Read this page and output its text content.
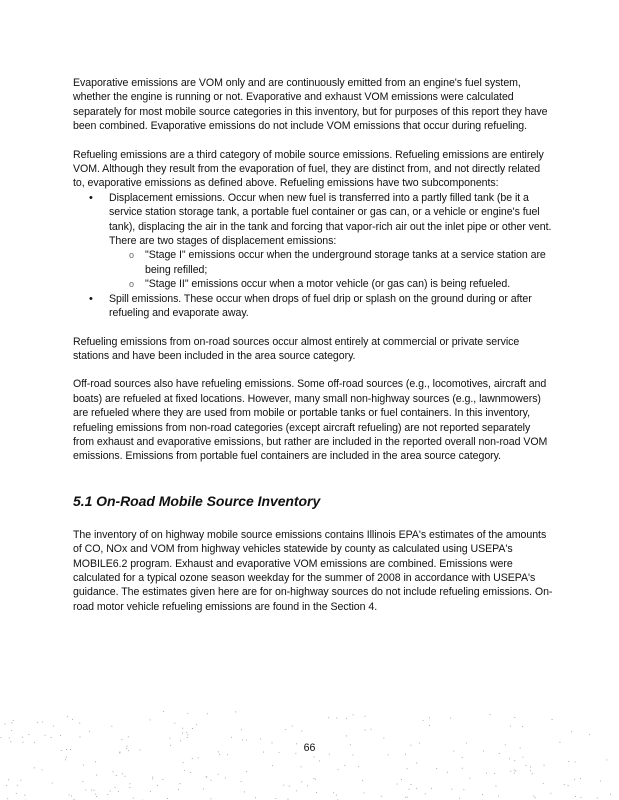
Evaporative emissions are VOM only and are continuously emitted from an engine's fuel system, whether the engine is running or not. Evaporative and exhaust VOM emissions were calculated separately for most mobile source categories in this inventory, but for purposes of this report they have been combined. Evaporative emissions do not include VOM emissions that occur during refueling.

Refueling emissions are a third category of mobile source emissions. Refueling emissions are entirely VOM. Although they result from the evaporation of fuel, they are distinct from, and not directly related to, evaporative emissions as defined above. Refueling emissions have two subcomponents:

• Displacement emissions. Occur when new fuel is transferred into a partly filled tank (be it a service station storage tank, a portable fuel container or gas can, or a vehicle or engine's fuel tank), displacing the air in the tank and forcing that vapor-rich air out the inlet pipe or other vent. There are two stages of displacement emissions:
o "Stage I" emissions occur when the underground storage tanks at a service station are being refilled;
o "Stage II" emissions occur when a motor vehicle (or gas can) is being refueled.
• Spill emissions. These occur when drops of fuel drip or splash on the ground during or after refueling and evaporate away.

Refueling emissions from on-road sources occur almost entirely at commercial or private service stations and have been included in the area source category.

Off-road sources also have refueling emissions. Some off-road sources (e.g., locomotives, aircraft and boats) are refueled at fixed locations. However, many small non-highway sources (e.g., lawnmowers) are refueled where they are used from mobile or portable tanks or fuel containers. In this inventory, refueling emissions from non-road categories (except aircraft refueling) are not reported separately from exhaust and evaporative emissions, but rather are included in the reported overall non-road VOM emissions. Emissions from portable fuel containers are included in the area source category.

5.1 On-Road Mobile Source Inventory

The inventory of on highway mobile source emissions contains Illinois EPA's estimates of the amounts of CO, NOx and VOM from highway vehicles statewide by county as calculated using USEPA's MOBILE6.2 program. Exhaust and evaporative VOM emissions are combined. Emissions were calculated for a typical ozone season weekday for the summer of 2008 in accordance with USEPA's guidance. The estimates given here are for on-highway sources do not include refueling emissions. On-road motor vehicle refueling emissions are found in the Section 4.

66
